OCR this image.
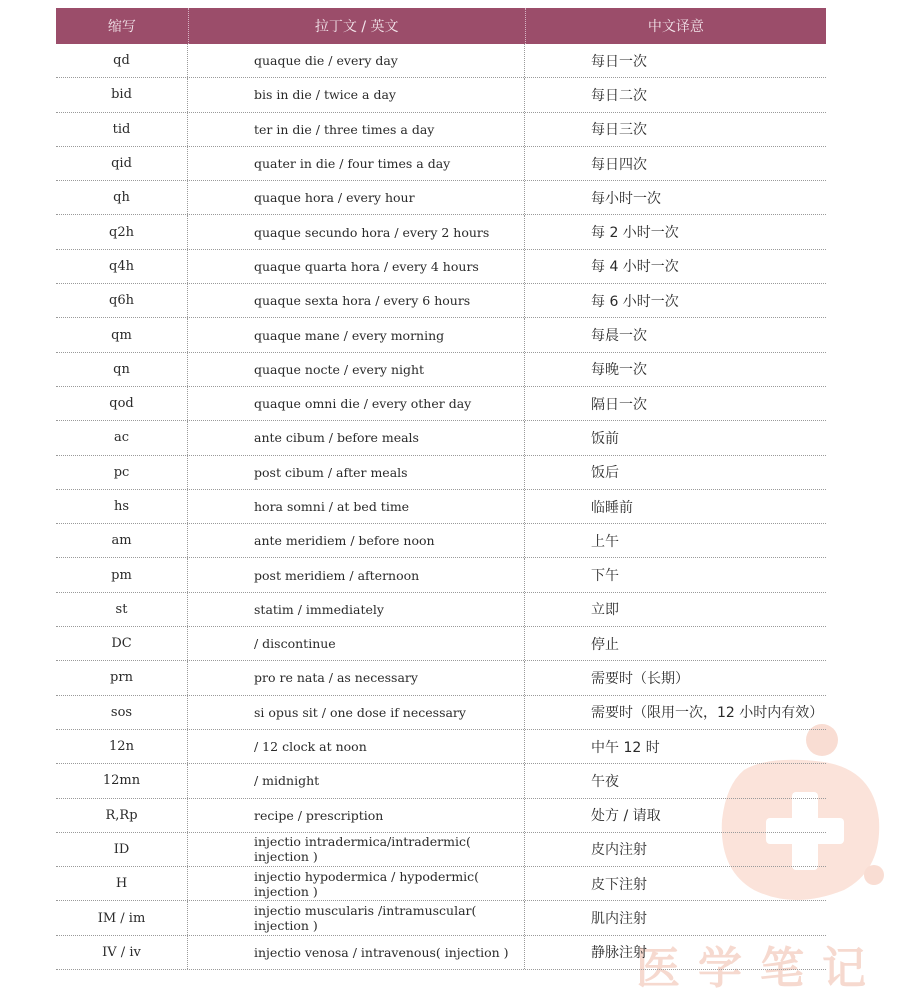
医学笔记
缩写	拉丁文 / 英文	中文译意
qd	quaque die / every day	每日一次
bid	bis in die / twice a day	每日二次
tid	ter in die / three times a day	每日三次
qid	quater in die / four times a day	每日四次
qh	quaque hora / every hour	每小时一次
q2h	quaque secundo hora / every 2 hours	每 2 小时一次
q4h	quaque quarta hora / every 4 hours	每 4 小时一次
q6h	quaque sexta hora / every 6 hours	每 6 小时一次
qm	quaque mane / every morning	每晨一次
qn	quaque nocte / every night	每晚一次
qod	quaque omni die / every other day	隔日一次
ac	ante cibum / before meals	饭前
pc	post cibum / after meals	饭后
hs	hora somni / at bed time	临睡前
am	ante meridiem / before noon	上午
pm	post meridiem / afternoon	下午
st	statim / immediately	立即
DC	/ discontinue	停止
prn	pro re nata / as necessary	需要时（长期）
sos	si opus sit / one dose if necessary	需要时（限用一次，12 小时内有效）
12n	/ 12 clock at noon	中午 12 时
12mn	/ midnight	午夜
R,Rp	recipe / prescription	处方 / 请取
ID	injectio intradermica/intradermic( injection )	皮内注射
H	injectio hypodermica / hypodermic( injection )	皮下注射
IM / im	injectio muscularis /intramuscular( injection )	肌内注射
IV / iv	injectio venosa / intravenous( injection )	静脉注射
